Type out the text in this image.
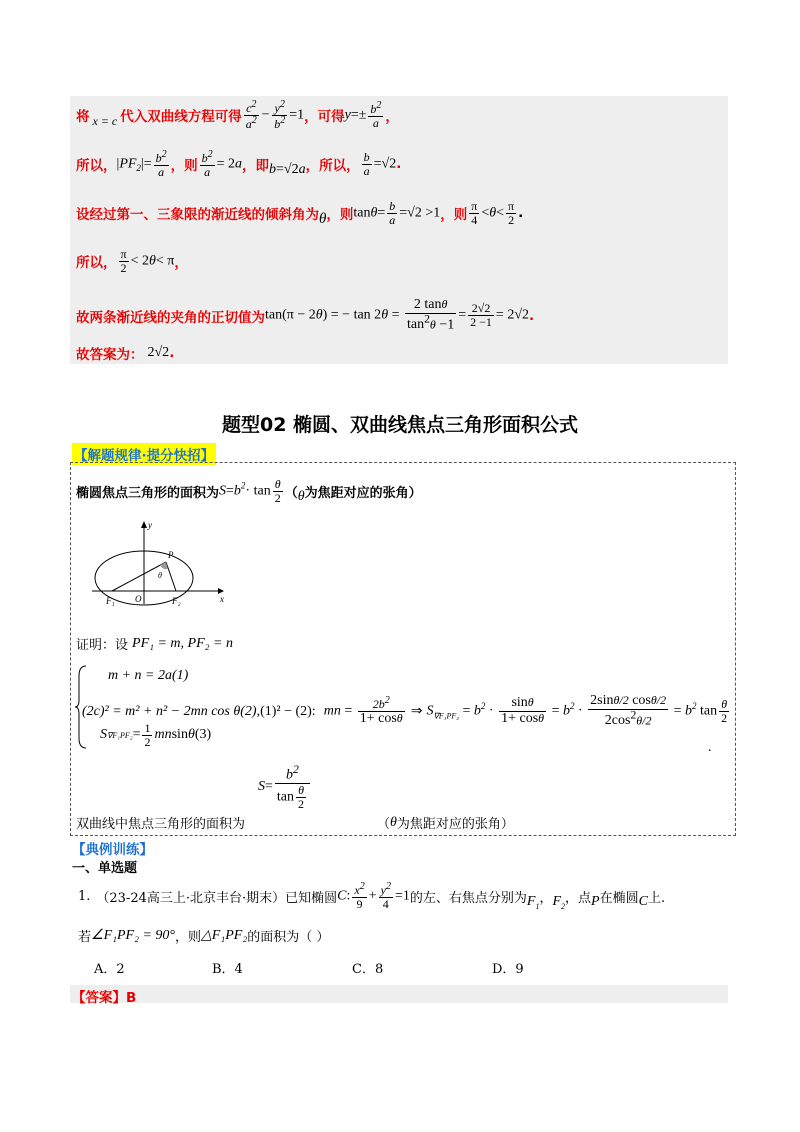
将 x = c 代入双曲线方程可得 $\frac{c^2}{a^2} - \frac{y^2}{b^2} =1$ ，可得 $y=\pm \frac{b^2}{a}$ ，
所以， $|PF_2|= \frac{b^2}{a}$ ，则 $\frac{b^2}{a} = 2a$ ，即 b=√2a ，所以， $\frac{b}{a} =√2$ .
设经过第一、三象限的渐近线的倾斜角为 θ ，则 $\tan\theta= \frac{b}{a} =√2 >1$ ，则 $\frac{\pi}{4} <\theta< \frac{\pi}{2}$ .
所以， $\frac{\pi}{2} < 2\theta< \pi$ ，
故两条渐近线的夹角的正切值为 tan(π − 2θ) = − $\tan 2\theta = \frac{2 \tan\theta}{\tan^2\theta -1} = \frac{2√2}{2 -1} = 2√2$ .
故答案为： 2√2 .
题型02 椭圆、双曲线焦点三角形面积公式
【解题规律·提分快招】
椭圆焦点三角形的面积为 $S=b^2\cdot \tan \frac{\theta}{2}$ （ θ 为焦距对应的张角）
x
y
P
O
F₁	F₂
θ
证明：设 PF₁ = m, PF₂ = n
m + n = 2a(1)
(2c)² = m² + n² − 2mn cos θ(2) ,(1)² − (2): mn = $\frac{2b^2}{1+ \cos\theta}$ ⇒ $S_{\nabla F_1PF_2} = b^2 \cdot \frac{\sin\theta}{1+ \cos\theta} = b^2 \cdot \frac{2\sin\theta/2 \cos\theta/2}{2\cos^2\theta/2} = b^2$ $\tan \frac{\theta}{2}$
S $\nabla F_1PF_2 = \frac{1}{2}$ mn sin θ (3)
.
$S = \frac{b^2}{\tan \frac{\theta}{2}}$
双曲线中焦点三角形的面积为	（ θ 为焦距对应的张角）
【典例训练】
一、单选题
1. （23-24高三上·北京丰台·期末）已知椭圆 C: $\frac{x^2}{9} + \frac{y^2}{4} =1$ 的左、右焦点分别为 $F_1$
， $F_2$
，点 P 在椭圆 C 上.
若 ∠F₁PF₂ = 90° ，则 △F₁PF₂ 的面积为（ ）
A．2	B．4	C．8	D．9
【答案】B
